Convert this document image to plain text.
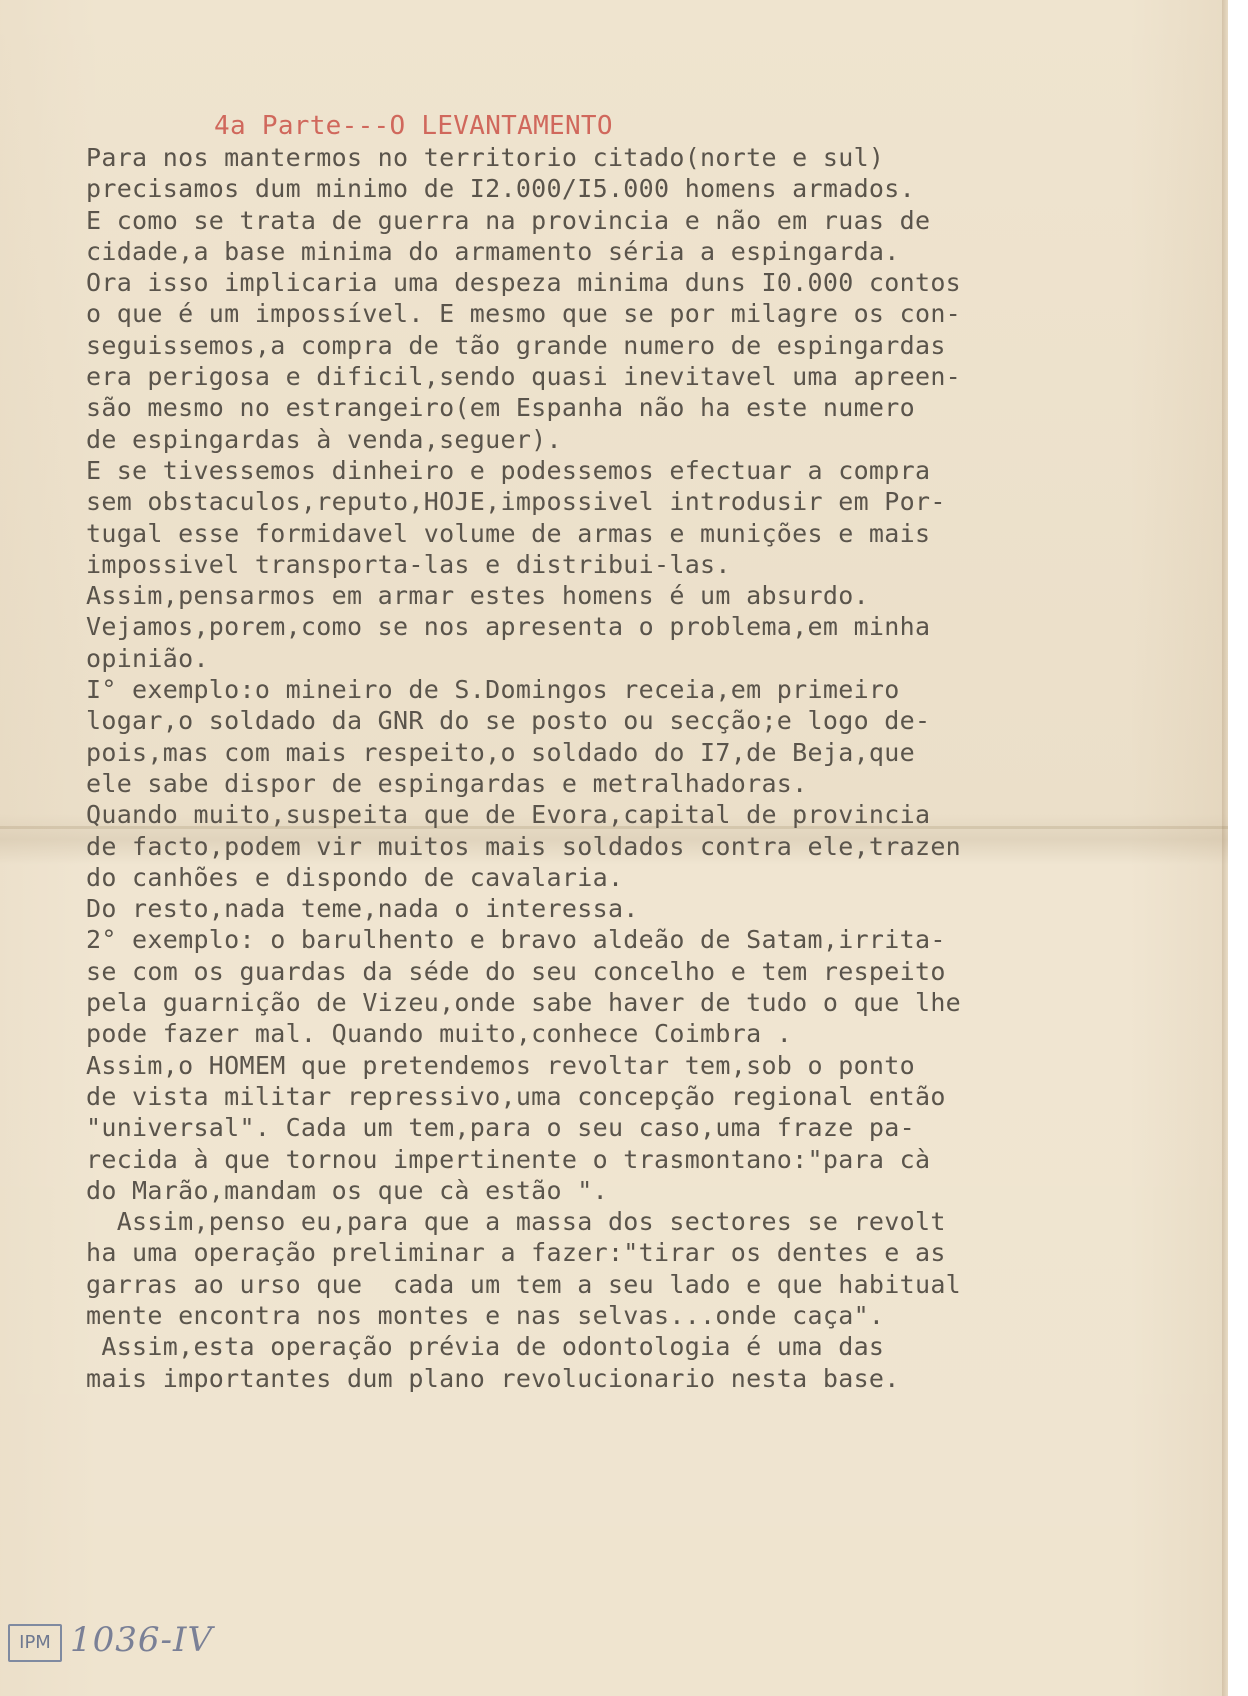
4a Parte---O LEVANTAMENTO
Para nos mantermos no territorio citado(norte e sul)
precisamos dum minimo de I2.000/I5.000 homens armados.
E como se trata de guerra na provincia e não em ruas de
cidade,a base minima do armamento séria a espingarda.
Ora isso implicaria uma despeza minima duns I0.000 contos
o que é um impossível. E mesmo que se por milagre os con-
seguissemos,a compra de tão grande numero de espingardas
era perigosa e dificil,sendo quasi inevitavel uma apreen-
são mesmo no estrangeiro(em Espanha não ha este numero
de espingardas à venda,seguer).
E se tivessemos dinheiro e podessemos efectuar a compra
sem obstaculos,reputo,HOJE,impossivel introdusir em Por-
tugal esse formidavel volume de armas e munições e mais
impossivel transporta-las e distribui-las.
Assim,pensarmos em armar estes homens é um absurdo.
Vejamos,porem,como se nos apresenta o problema,em minha
opinião.
I° exemplo:o mineiro de S.Domingos receia,em primeiro
logar,o soldado da GNR do se posto ou secção;e logo de-
pois,mas com mais respeito,o soldado do I7,de Beja,que
ele sabe dispor de espingardas e metralhadoras.
Quando muito,suspeita que de Evora,capital de provincia
de facto,podem vir muitos mais soldados contra ele,trazen
do canhões e dispondo de cavalaria.
Do resto,nada teme,nada o interessa.
2° exemplo: o barulhento e bravo aldeão de Satam,irrita-
se com os guardas da séde do seu concelho e tem respeito
pela guarnição de Vizeu,onde sabe haver de tudo o que lhe
pode fazer mal. Quando muito,conhece Coimbra .
Assim,o HOMEM que pretendemos revoltar tem,sob o ponto
de vista militar repressivo,uma concepção regional então
"universal". Cada um tem,para o seu caso,uma fraze pa-
recida à que tornou impertinente o trasmontano:"para cà
do Marão,mandam os que cà estão ".
Assim,penso eu,para que a massa dos sectores se revolt
ha uma operação preliminar a fazer:"tirar os dentes e as
garras ao urso que  cada um tem a seu lado e que habitual
mente encontra nos montes e nas selvas...onde caça".
Assim,esta operação prévia de odontologia é uma das
mais importantes dum plano revolucionario nesta base.
IPM 1036-IV
